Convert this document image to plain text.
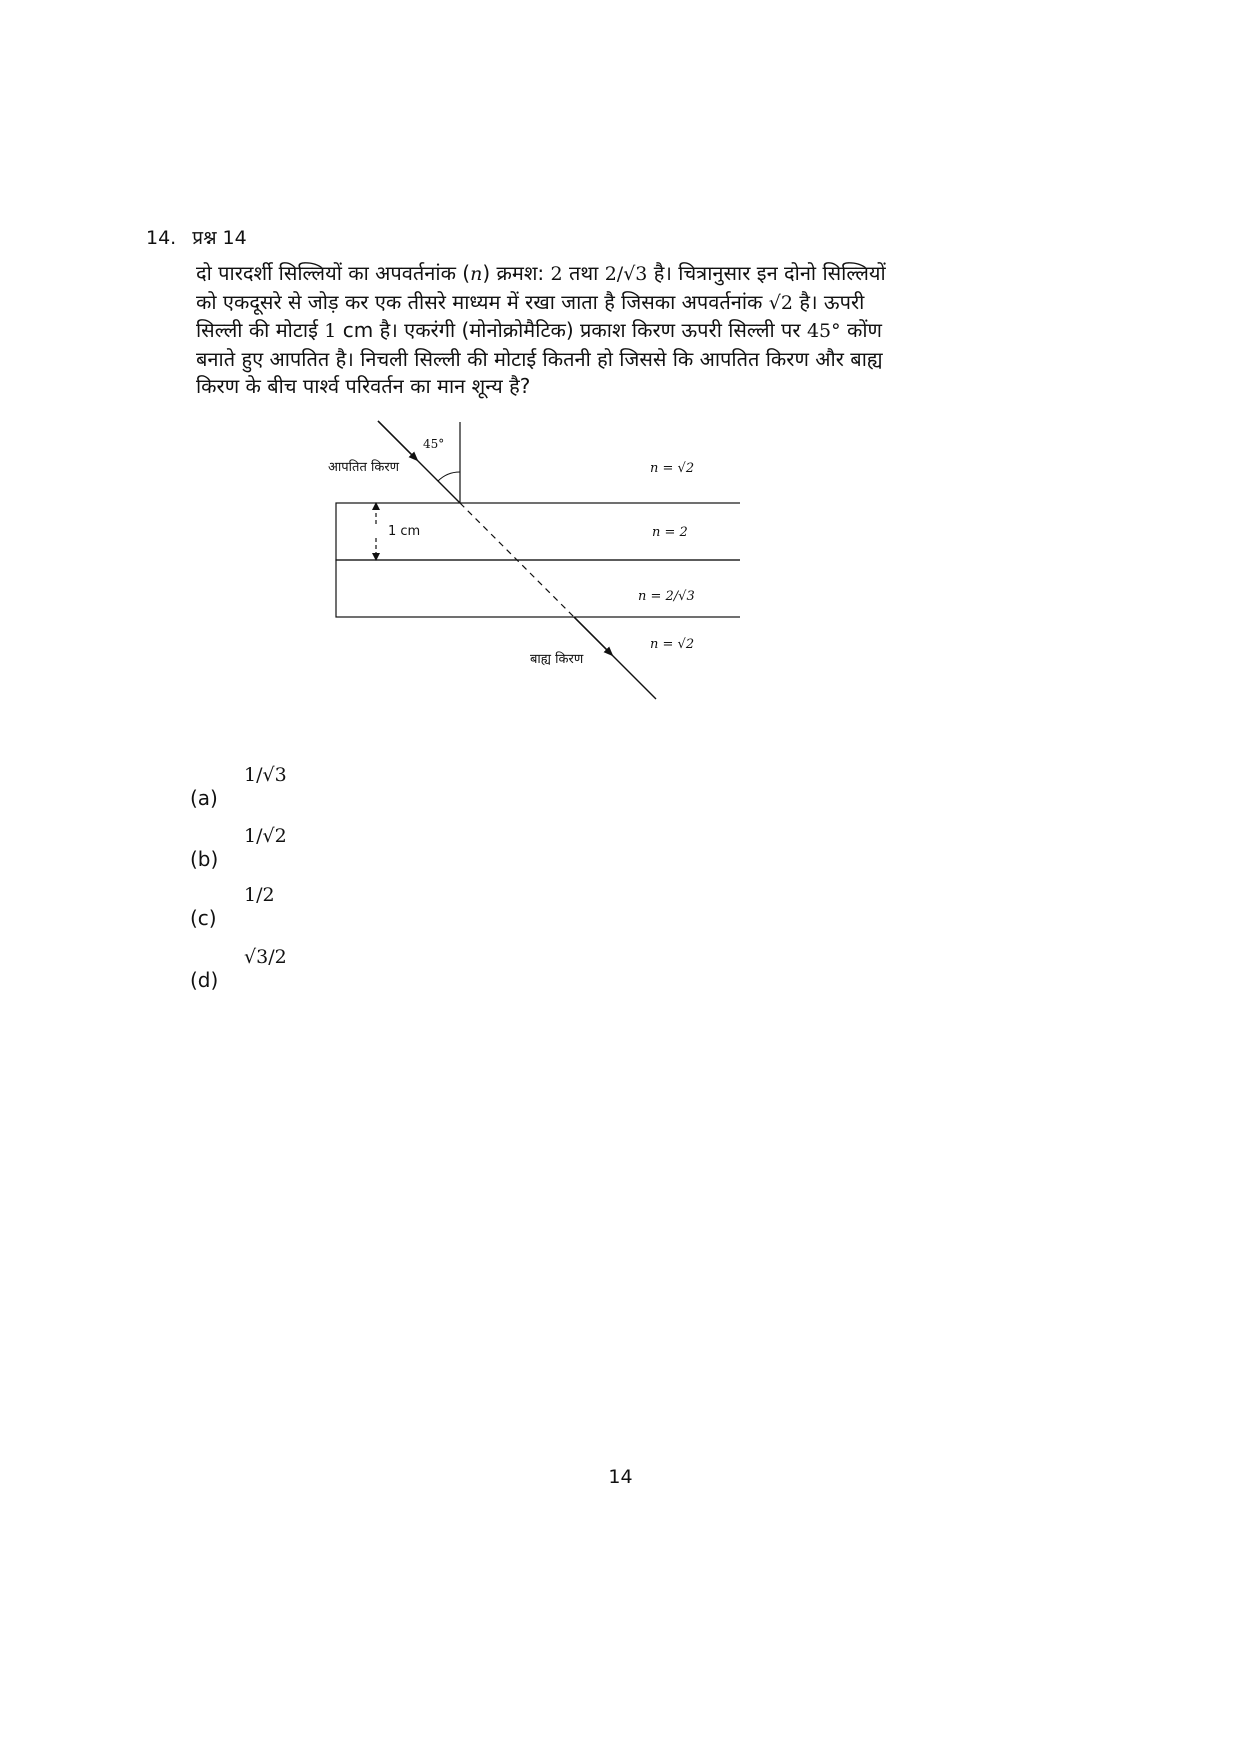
14. प्रश्न 14
दो पारदर्शी सिल्लियों का अपवर्तनांक (n) क्रमश: 2 तथा 2/√3 है। चित्रानुसार इन दोनो सिल्लियों
को एकदूसरे से जोड़ कर एक तीसरे माध्यम में रखा जाता है जिसका अपवर्तनांक √2 है। ऊपरी
सिल्ली की मोटाई 1 cm है। एकरंगी (मोनोक्रोमैटिक) प्रकाश किरण ऊपरी सिल्ली पर 45° कोंण
बनाते हुए आपतित है। निचली सिल्ली की मोटाई कितनी हो जिससे कि आपतित किरण और बाह्य
किरण के बीच पार्श्व परिवर्तन का मान शून्य है?
आपतित किरण
45°
1 cm
बाह्य किरण
n = √2
n = 2
n = 2/√3
n = √2
(a)
1/√3
(b)
1/√2
(c)
1/2
(d)
√3/2
14
